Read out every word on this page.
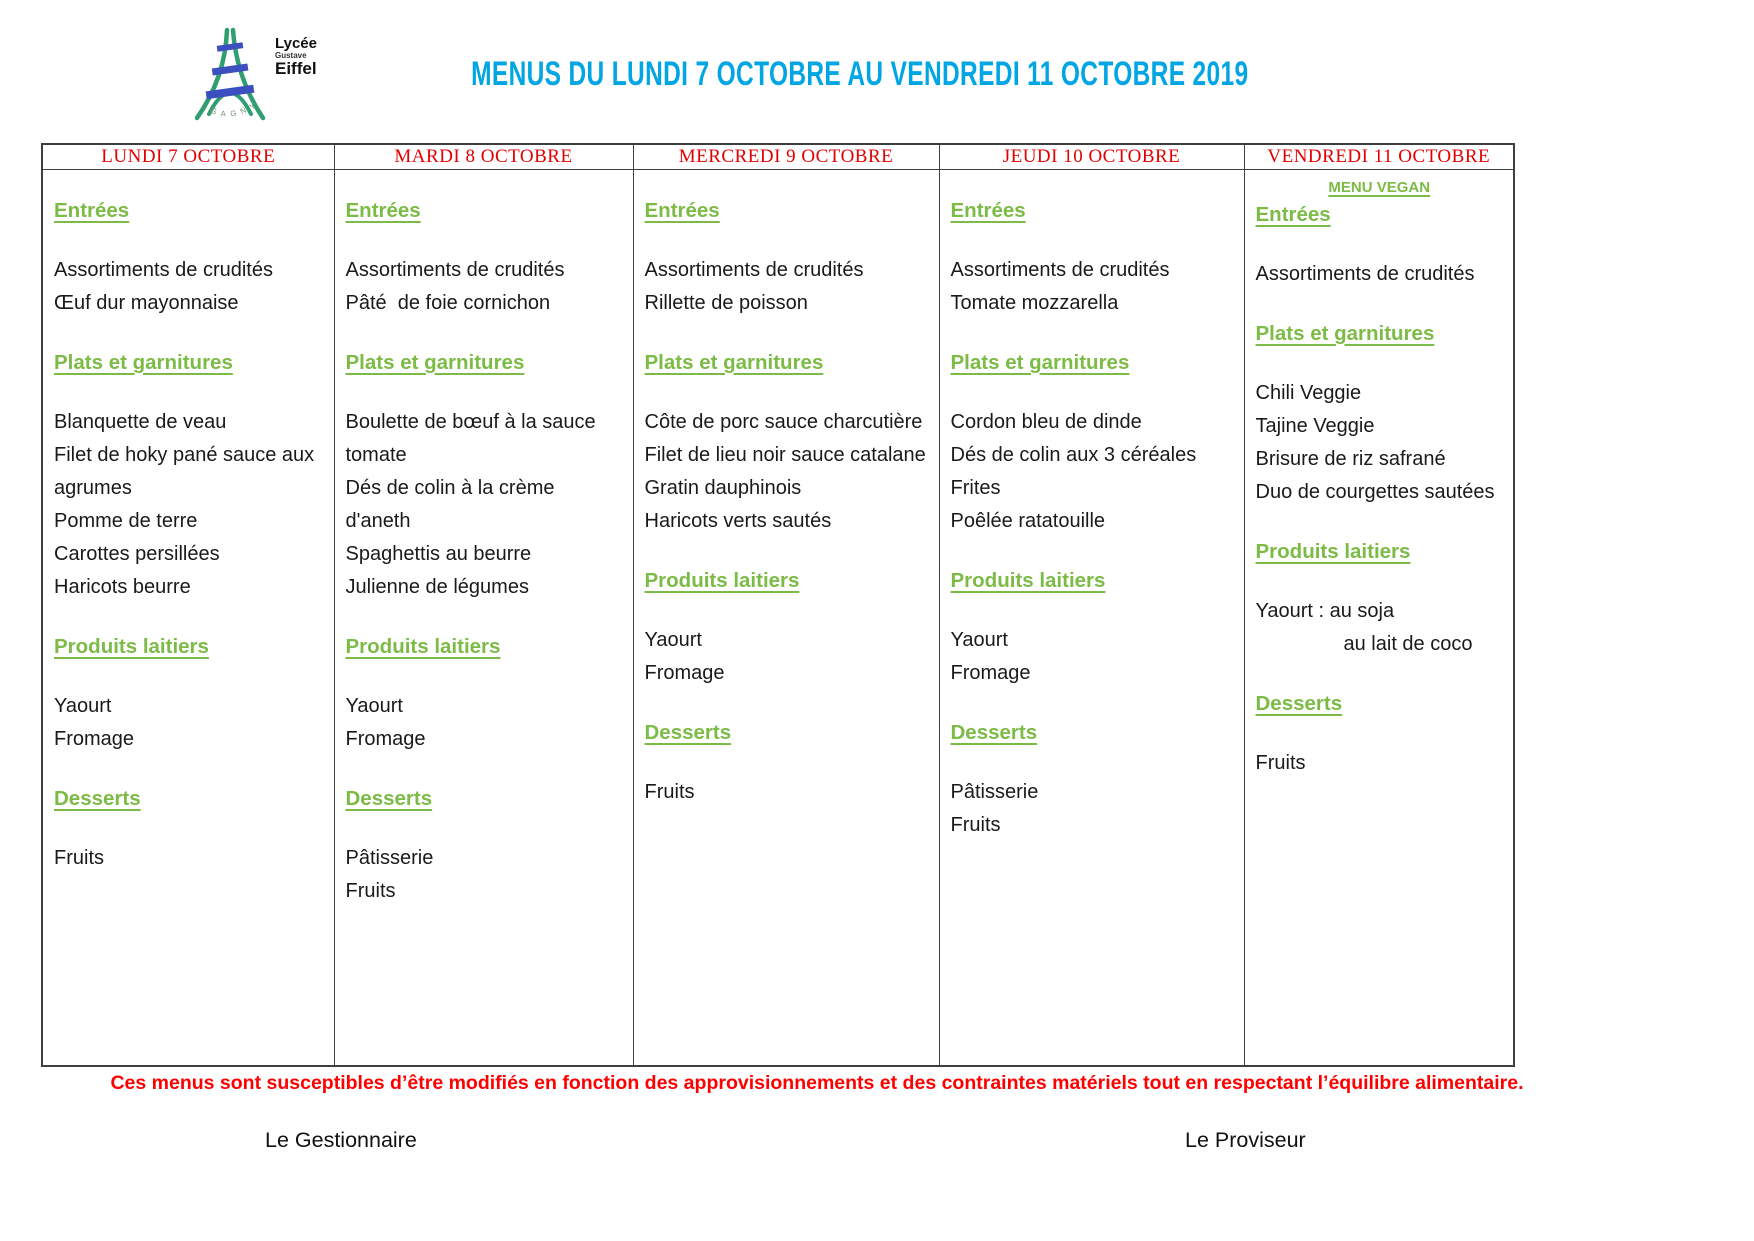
GAGNY
Lycée
Gustave
Eiffel	MENUS DU LUNDI 7 OCTOBRE AU VENDREDI 11 OCTOBRE 2019
LUNDI 7 OCTOBRE	MARDI 8 OCTOBRE	MERCREDI 9 OCTOBRE	JEUDI 10 OCTOBRE	VENDREDI 11 OCTOBRE

Entrées
Assortiments de crudités
Œuf dur mayonnaise
Plats et garnitures
Blanquette de veau
Filet de hoky pané sauce aux agrumes
Pomme de terre
Carottes persillées
Haricots beurre
Produits laitiers
Yaourt
Fromage
Desserts
Fruits

Entrées
Assortiments de crudités
Pâté  de foie cornichon
Plats et garnitures
Boulette de bœuf à la sauce tomate
Dés de colin à la crème d'aneth
Spaghettis au beurre
Julienne de légumes
Produits laitiers
Yaourt
Fromage
Desserts
Pâtisserie
Fruits

Entrées
Assortiments de crudités
Rillette de poisson
Plats et garnitures
Côte de porc sauce charcutière
Filet de lieu noir sauce catalane
Gratin dauphinois
Haricots verts sautés
Produits laitiers
Yaourt
Fromage
Desserts
Fruits

Entrées
Assortiments de crudités
Tomate mozzarella
Plats et garnitures
Cordon bleu de dinde
Dés de colin aux 3 céréales
Frites
Poêlée ratatouille
Produits laitiers
Yaourt
Fromage
Desserts
Pâtisserie
Fruits

MENU VEGAN
Entrées
Assortiments de crudités
Plats et garnitures
Chili Veggie
Tajine Veggie
Brisure de riz safrané
Duo de courgettes sautées
Produits laitiers
Yaourt : au soja
au lait de coco
Desserts
Fruits
Ces menus sont susceptibles d’être modifiés en fonction des approvisionnements et des contraintes matériels tout en respectant l’équilibre alimentaire.
Le Gestionnaire	Le Proviseur
